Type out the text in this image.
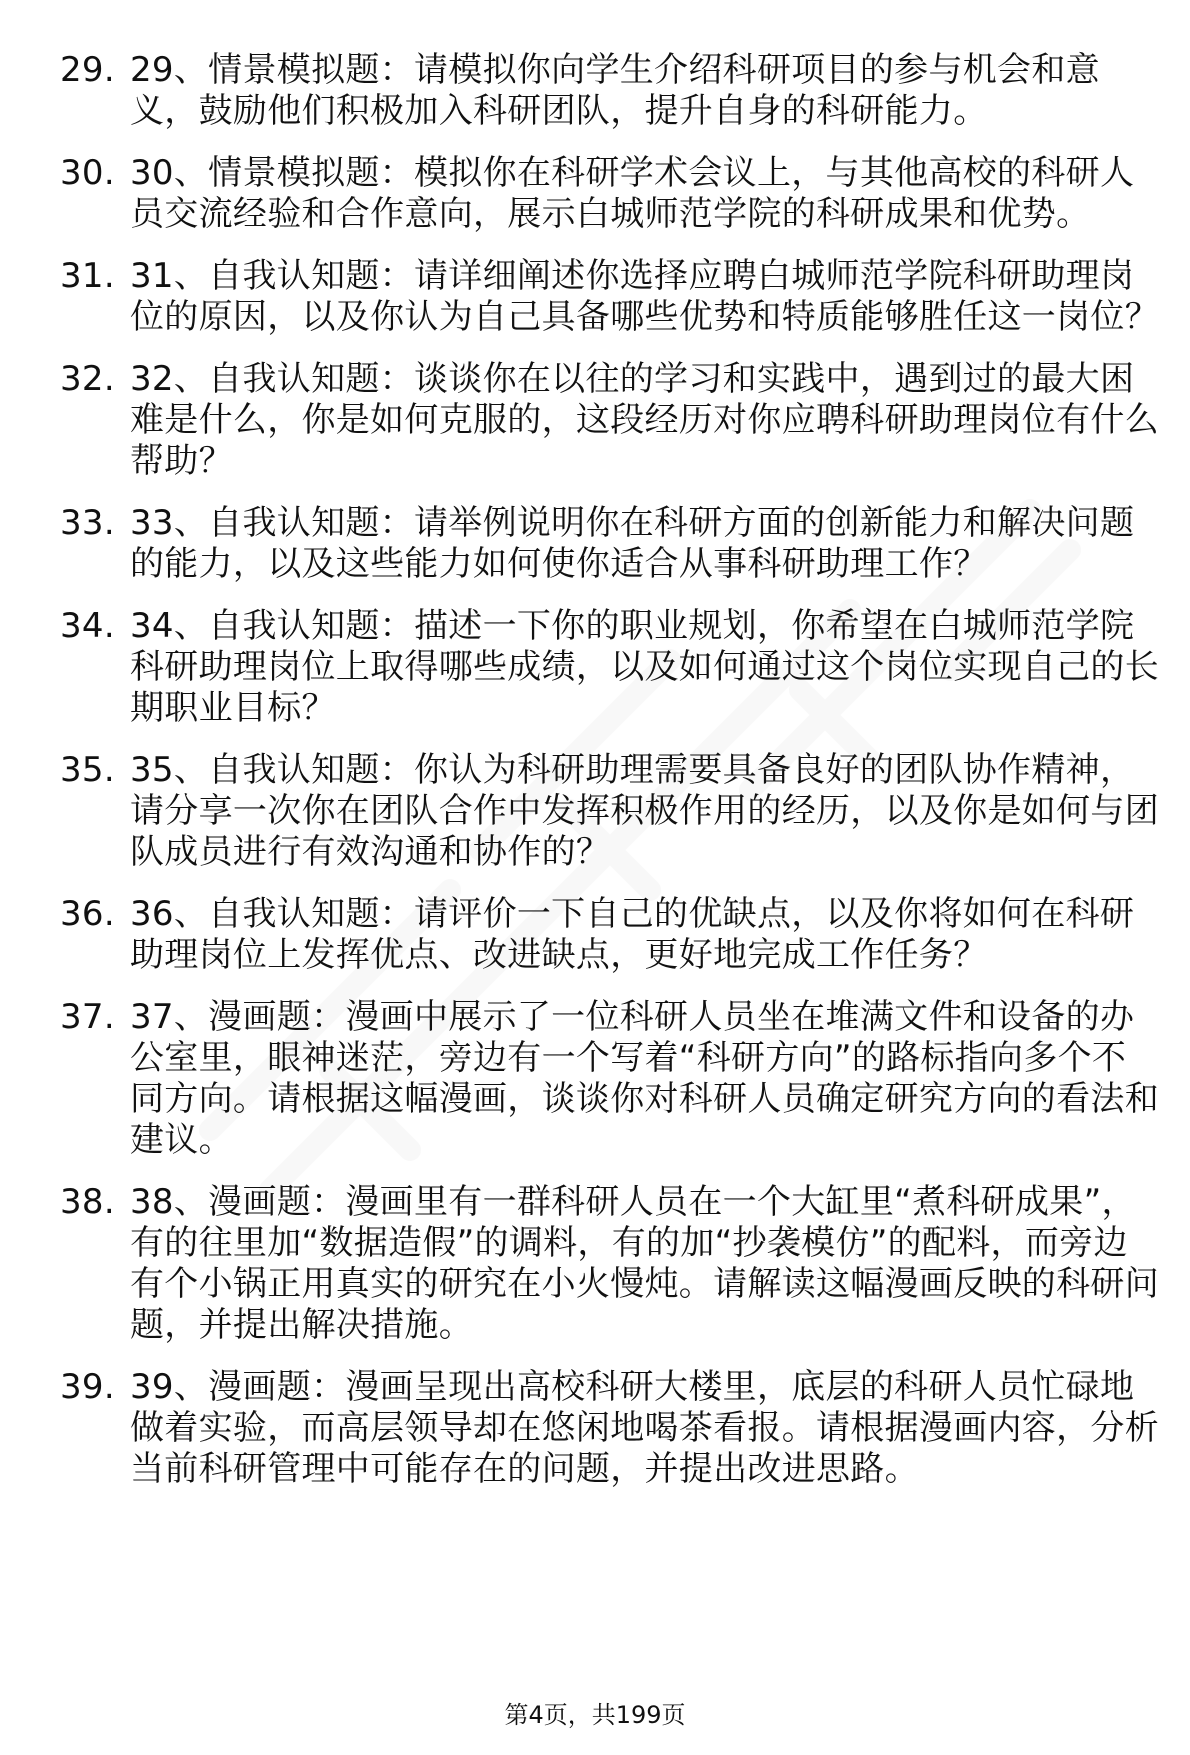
29. 29、情景模拟题：请模拟你向学生介绍科研项目的参与机会和意义，鼓励他们积极加入科研团队，提升自身的科研能力。
30. 30、情景模拟题：模拟你在科研学术会议上，与其他高校的科研人员交流经验和合作意向，展示白城师范学院的科研成果和优势。
31. 31、自我认知题：请详细阐述你选择应聘白城师范学院科研助理岗位的原因，以及你认为自己具备哪些优势和特质能够胜任这一岗位？
32. 32、自我认知题：谈谈你在以往的学习和实践中，遇到过的最大困难是什么，你是如何克服的，这段经历对你应聘科研助理岗位有什么帮助？
33. 33、自我认知题：请举例说明你在科研方面的创新能力和解决问题的能力，以及这些能力如何使你适合从事科研助理工作？
34. 34、自我认知题：描述一下你的职业规划，你希望在白城师范学院科研助理岗位上取得哪些成绩，以及如何通过这个岗位实现自己的长期职业目标？
35. 35、自我认知题：你认为科研助理需要具备良好的团队协作精神，请分享一次你在团队合作中发挥积极作用的经历，以及你是如何与团队成员进行有效沟通和协作的？
36. 36、自我认知题：请评价一下自己的优缺点，以及你将如何在科研助理岗位上发挥优点、改进缺点，更好地完成工作任务？
37. 37、漫画题：漫画中展示了一位科研人员坐在堆满文件和设备的办公室里，眼神迷茫，旁边有一个写着“科研方向”的路标指向多个不同方向。请根据这幅漫画，谈谈你对科研人员确定研究方向的看法和建议。
38. 38、漫画题：漫画里有一群科研人员在一个大缸里“煮科研成果”，有的往里加“数据造假”的调料，有的加“抄袭模仿”的配料，而旁边有个小锅正用真实的研究在小火慢炖。请解读这幅漫画反映的科研问题，并提出解决措施。
39. 39、漫画题：漫画呈现出高校科研大楼里，底层的科研人员忙碌地做着实验，而高层领导却在悠闲地喝茶看报。请根据漫画内容，分析当前科研管理中可能存在的问题，并提出改进思路。
第4页，共199页
